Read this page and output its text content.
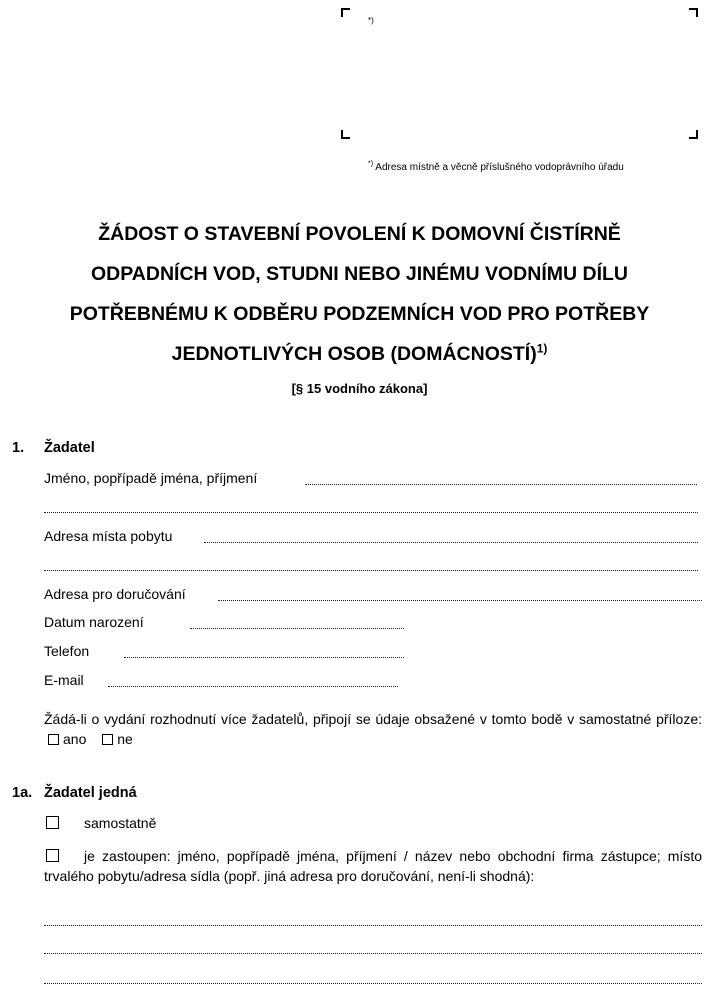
*)
*) Adresa místně a věcně příslušného vodoprávního úřadu
ŽÁDOST O STAVEBNÍ POVOLENÍ K DOMOVNÍ ČISTÍRNĚ
ODPADNÍCH VOD, STUDNI NEBO JINÉMU VODNÍMU DÍLU
POTŘEBNÉMU K ODBĚRU PODZEMNÍCH VOD PRO POTŘEBY
JEDNOTLIVÝCH OSOB (DOMÁCNOSTÍ)$^{1)}$
[§ 15 vodního zákona]
1. Žadatel
Jméno, popřípadě jména, příjmení
Adresa místa pobytu
Adresa pro doručování
Datum narození
Telefon
E-mail
Žádá-li o vydání rozhodnutí více žadatelů, připojí se údaje obsažené v tomto bodě v samostatné příloze: ano ne
1a. Žadatel jedná
samostatně
je zastoupen: jméno, popřípadě jména, příjmení / název nebo obchodní firma zástupce; místo trvalého pobytu/adresa sídla (popř. jiná adresa pro doručování, není-li shodná):
